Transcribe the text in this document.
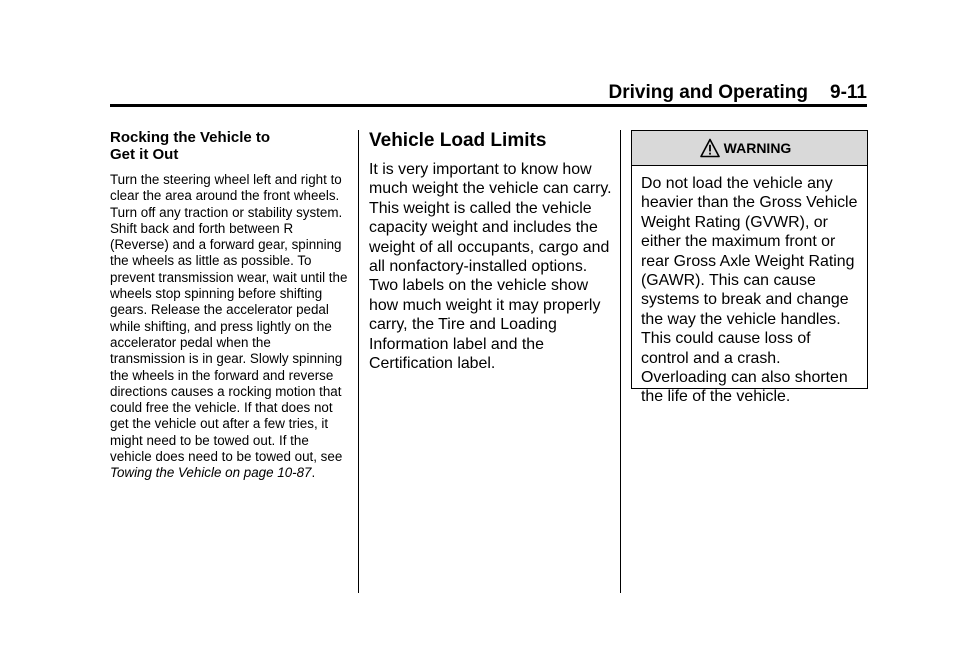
Driving and Operating 9-11
Rocking the Vehicle to
Get it Out

Turn the steering wheel left and right to clear the area around the front wheels. Turn off any traction or stability system. Shift back and forth between R (Reverse) and a forward gear, spinning the wheels as little as possible. To prevent transmission wear, wait until the wheels stop spinning before shifting gears. Release the accelerator pedal while shifting, and press lightly on the accelerator pedal when the transmission is in gear. Slowly spinning the wheels in the forward and reverse directions causes a rocking motion that could free the vehicle. If that does not get the vehicle out after a few tries, it might need to be towed out. If the vehicle does need to be towed out, see Towing the Vehicle on page 10-87.

Vehicle Load Limits

It is very important to know how much weight the vehicle can carry. This weight is called the vehicle capacity weight and includes the weight of all occupants, cargo and all nonfactory-installed options. Two labels on the vehicle show how much weight it may properly carry, the Tire and Loading Information label and the Certification label.

WARNING
Do not load the vehicle any heavier than the Gross Vehicle Weight Rating (GVWR), or either the maximum front or rear Gross Axle Weight Rating (GAWR). This can cause systems to break and change the way the vehicle handles. This could cause loss of control and a crash. Overloading can also shorten the life of the vehicle.
